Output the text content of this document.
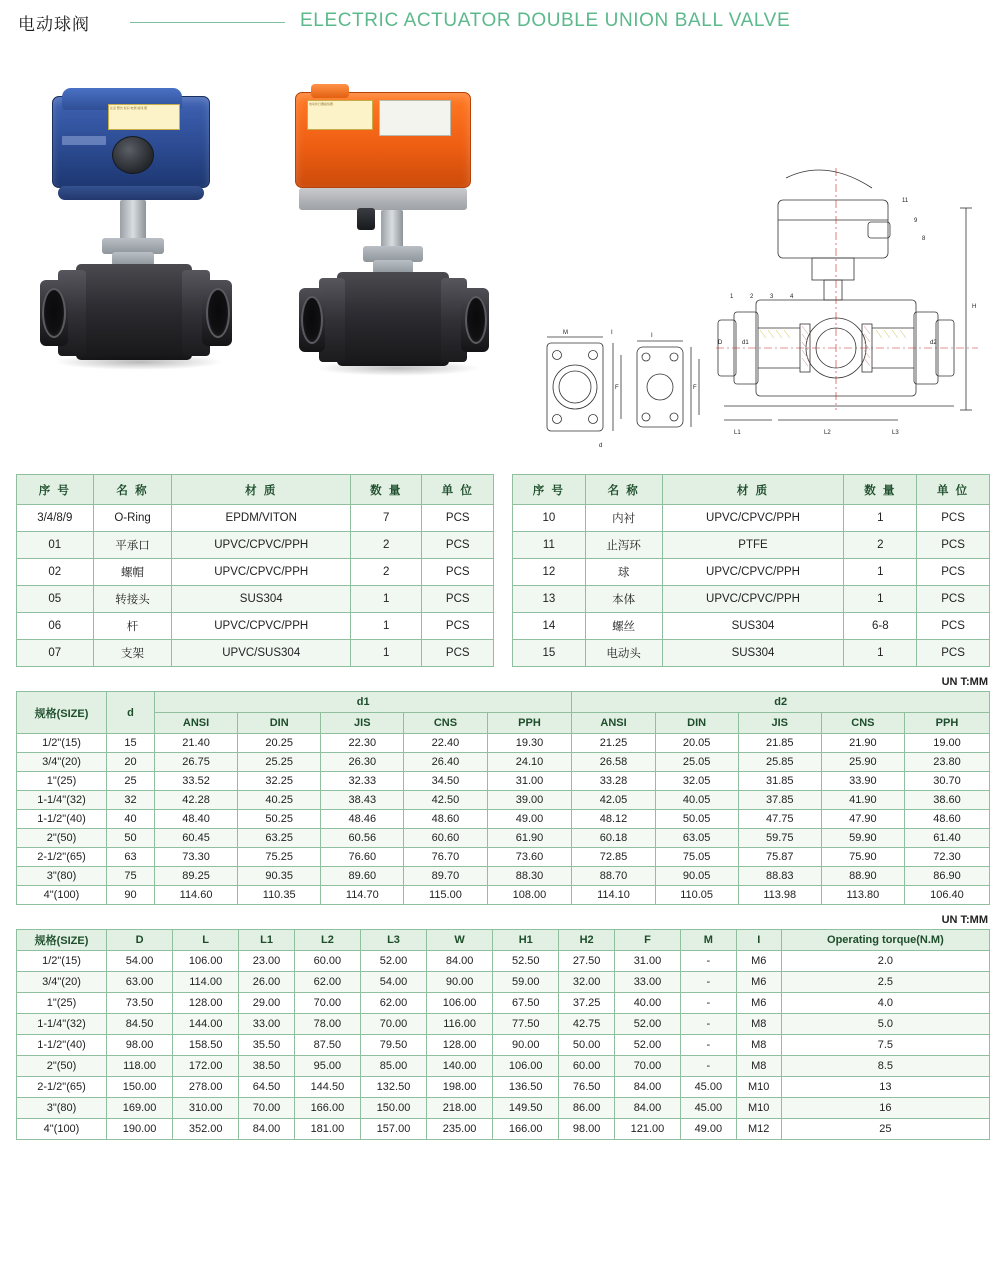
电动球阀	ELECTRIC ACTUATOR DOUBLE UNION BALL VALVE
注意 警告 标识 电源 接线 图
电动执行器接线图
M	I
F
I
F
d
H
D	d1	d2
L1	L2	L3
11
9
8
1	2	3	4
序 号	名 称	材 质	数 量	单 位
3/4/8/9	O-Ring	EPDM/VITON	7	PCS
01	平承口	UPVC/CPVC/PPH	2	PCS
02	螺帽	UPVC/CPVC/PPH	2	PCS
05	转接头	SUS304	1	PCS
06	杆	UPVC/CPVC/PPH	1	PCS
07	支架	UPVC/SUS304	1	PCS
序 号	名 称	材 质	数 量	单 位
10	内衬	UPVC/CPVC/PPH	1	PCS
11	止泻环	PTFE	2	PCS
12	球	UPVC/CPVC/PPH	1	PCS
13	本体	UPVC/CPVC/PPH	1	PCS
14	螺丝	SUS304	6-8	PCS
15	电动头	SUS304	1	PCS
UN T:MM
规格(SIZE)	d	d1					d2				
		ANSI	DIN	JIS	CNS	PPH	ANSI	DIN	JIS	CNS	PPH
1/2"(15)	15	21.40	20.25	22.30	22.40	19.30	21.25	20.05	21.85	21.90	19.00
3/4"(20)	20	26.75	25.25	26.30	26.40	24.10	26.58	25.05	25.85	25.90	23.80
1"(25)	25	33.52	32.25	32.33	34.50	31.00	33.28	32.05	31.85	33.90	30.70
1-1/4"(32)	32	42.28	40.25	38.43	42.50	39.00	42.05	40.05	37.85	41.90	38.60
1-1/2"(40)	40	48.40	50.25	48.46	48.60	49.00	48.12	50.05	47.75	47.90	48.60
2"(50)	50	60.45	63.25	60.56	60.60	61.90	60.18	63.05	59.75	59.90	61.40
2-1/2"(65)	63	73.30	75.25	76.60	76.70	73.60	72.85	75.05	75.87	75.90	72.30
3"(80)	75	89.25	90.35	89.60	89.70	88.30	88.70	90.05	88.83	88.90	86.90
4"(100)	90	114.60	110.35	114.70	115.00	108.00	114.10	110.05	113.98	113.80	106.40
UN T:MM
规格(SIZE)	D	L	L1	L2	L3	W	H1	H2	F	M	I	Operating torque(N.M)
1/2"(15)	54.00	106.00	23.00	60.00	52.00	84.00	52.50	27.50	31.00	-	M6	2.0
3/4"(20)	63.00	114.00	26.00	62.00	54.00	90.00	59.00	32.00	33.00	-	M6	2.5
1"(25)	73.50	128.00	29.00	70.00	62.00	106.00	67.50	37.25	40.00	-	M6	4.0
1-1/4"(32)	84.50	144.00	33.00	78.00	70.00	116.00	77.50	42.75	52.00	-	M8	5.0
1-1/2"(40)	98.00	158.50	35.50	87.50	79.50	128.00	90.00	50.00	52.00	-	M8	7.5
2"(50)	118.00	172.00	38.50	95.00	85.00	140.00	106.00	60.00	70.00	-	M8	8.5
2-1/2"(65)	150.00	278.00	64.50	144.50	132.50	198.00	136.50	76.50	84.00	45.00	M10	13
3"(80)	169.00	310.00	70.00	166.00	150.00	218.00	149.50	86.00	84.00	45.00	M10	16
4"(100)	190.00	352.00	84.00	181.00	157.00	235.00	166.00	98.00	121.00	49.00	M12	25
